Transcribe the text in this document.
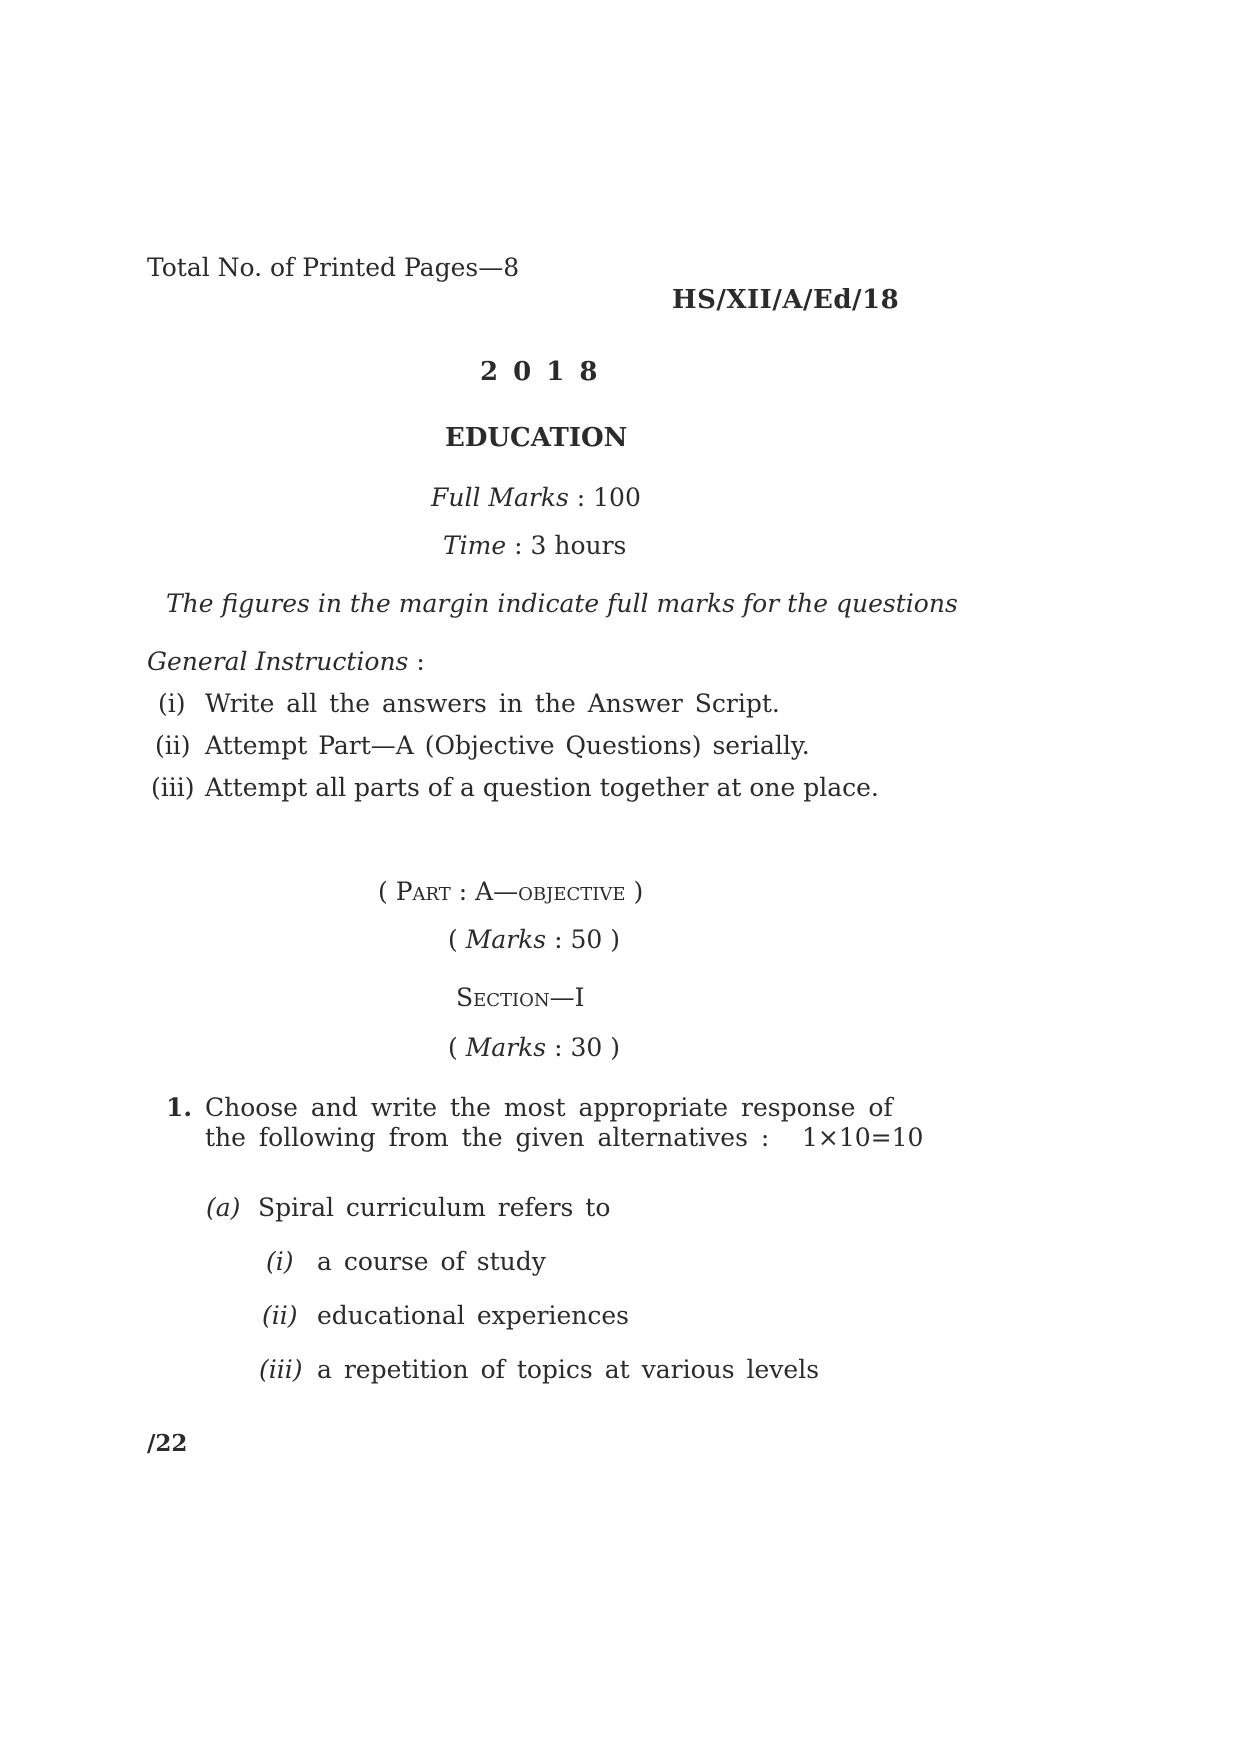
Total No. of Printed Pages—8
HS/XII/A/Ed/18
2 0 1 8
EDUCATION
Full Marks : 100
Time : 3 hours
The figures in the margin indicate full marks for the questions
General Instructions :
(i) Write all the answers in the Answer Script.
(ii) Attempt Part—A (Objective Questions) serially.
(iii) Attempt all parts of a question together at one place.
( Part : A—objective )
( Marks : 50 )
Section—I
( Marks : 30 )
1. Choose and write the most appropriate response of
the following from the given alternatives : 1×10=10
(a) Spiral curriculum refers to
(i) a course of study
(ii) educational experiences
(iii) a repetition of topics at various levels
/22
